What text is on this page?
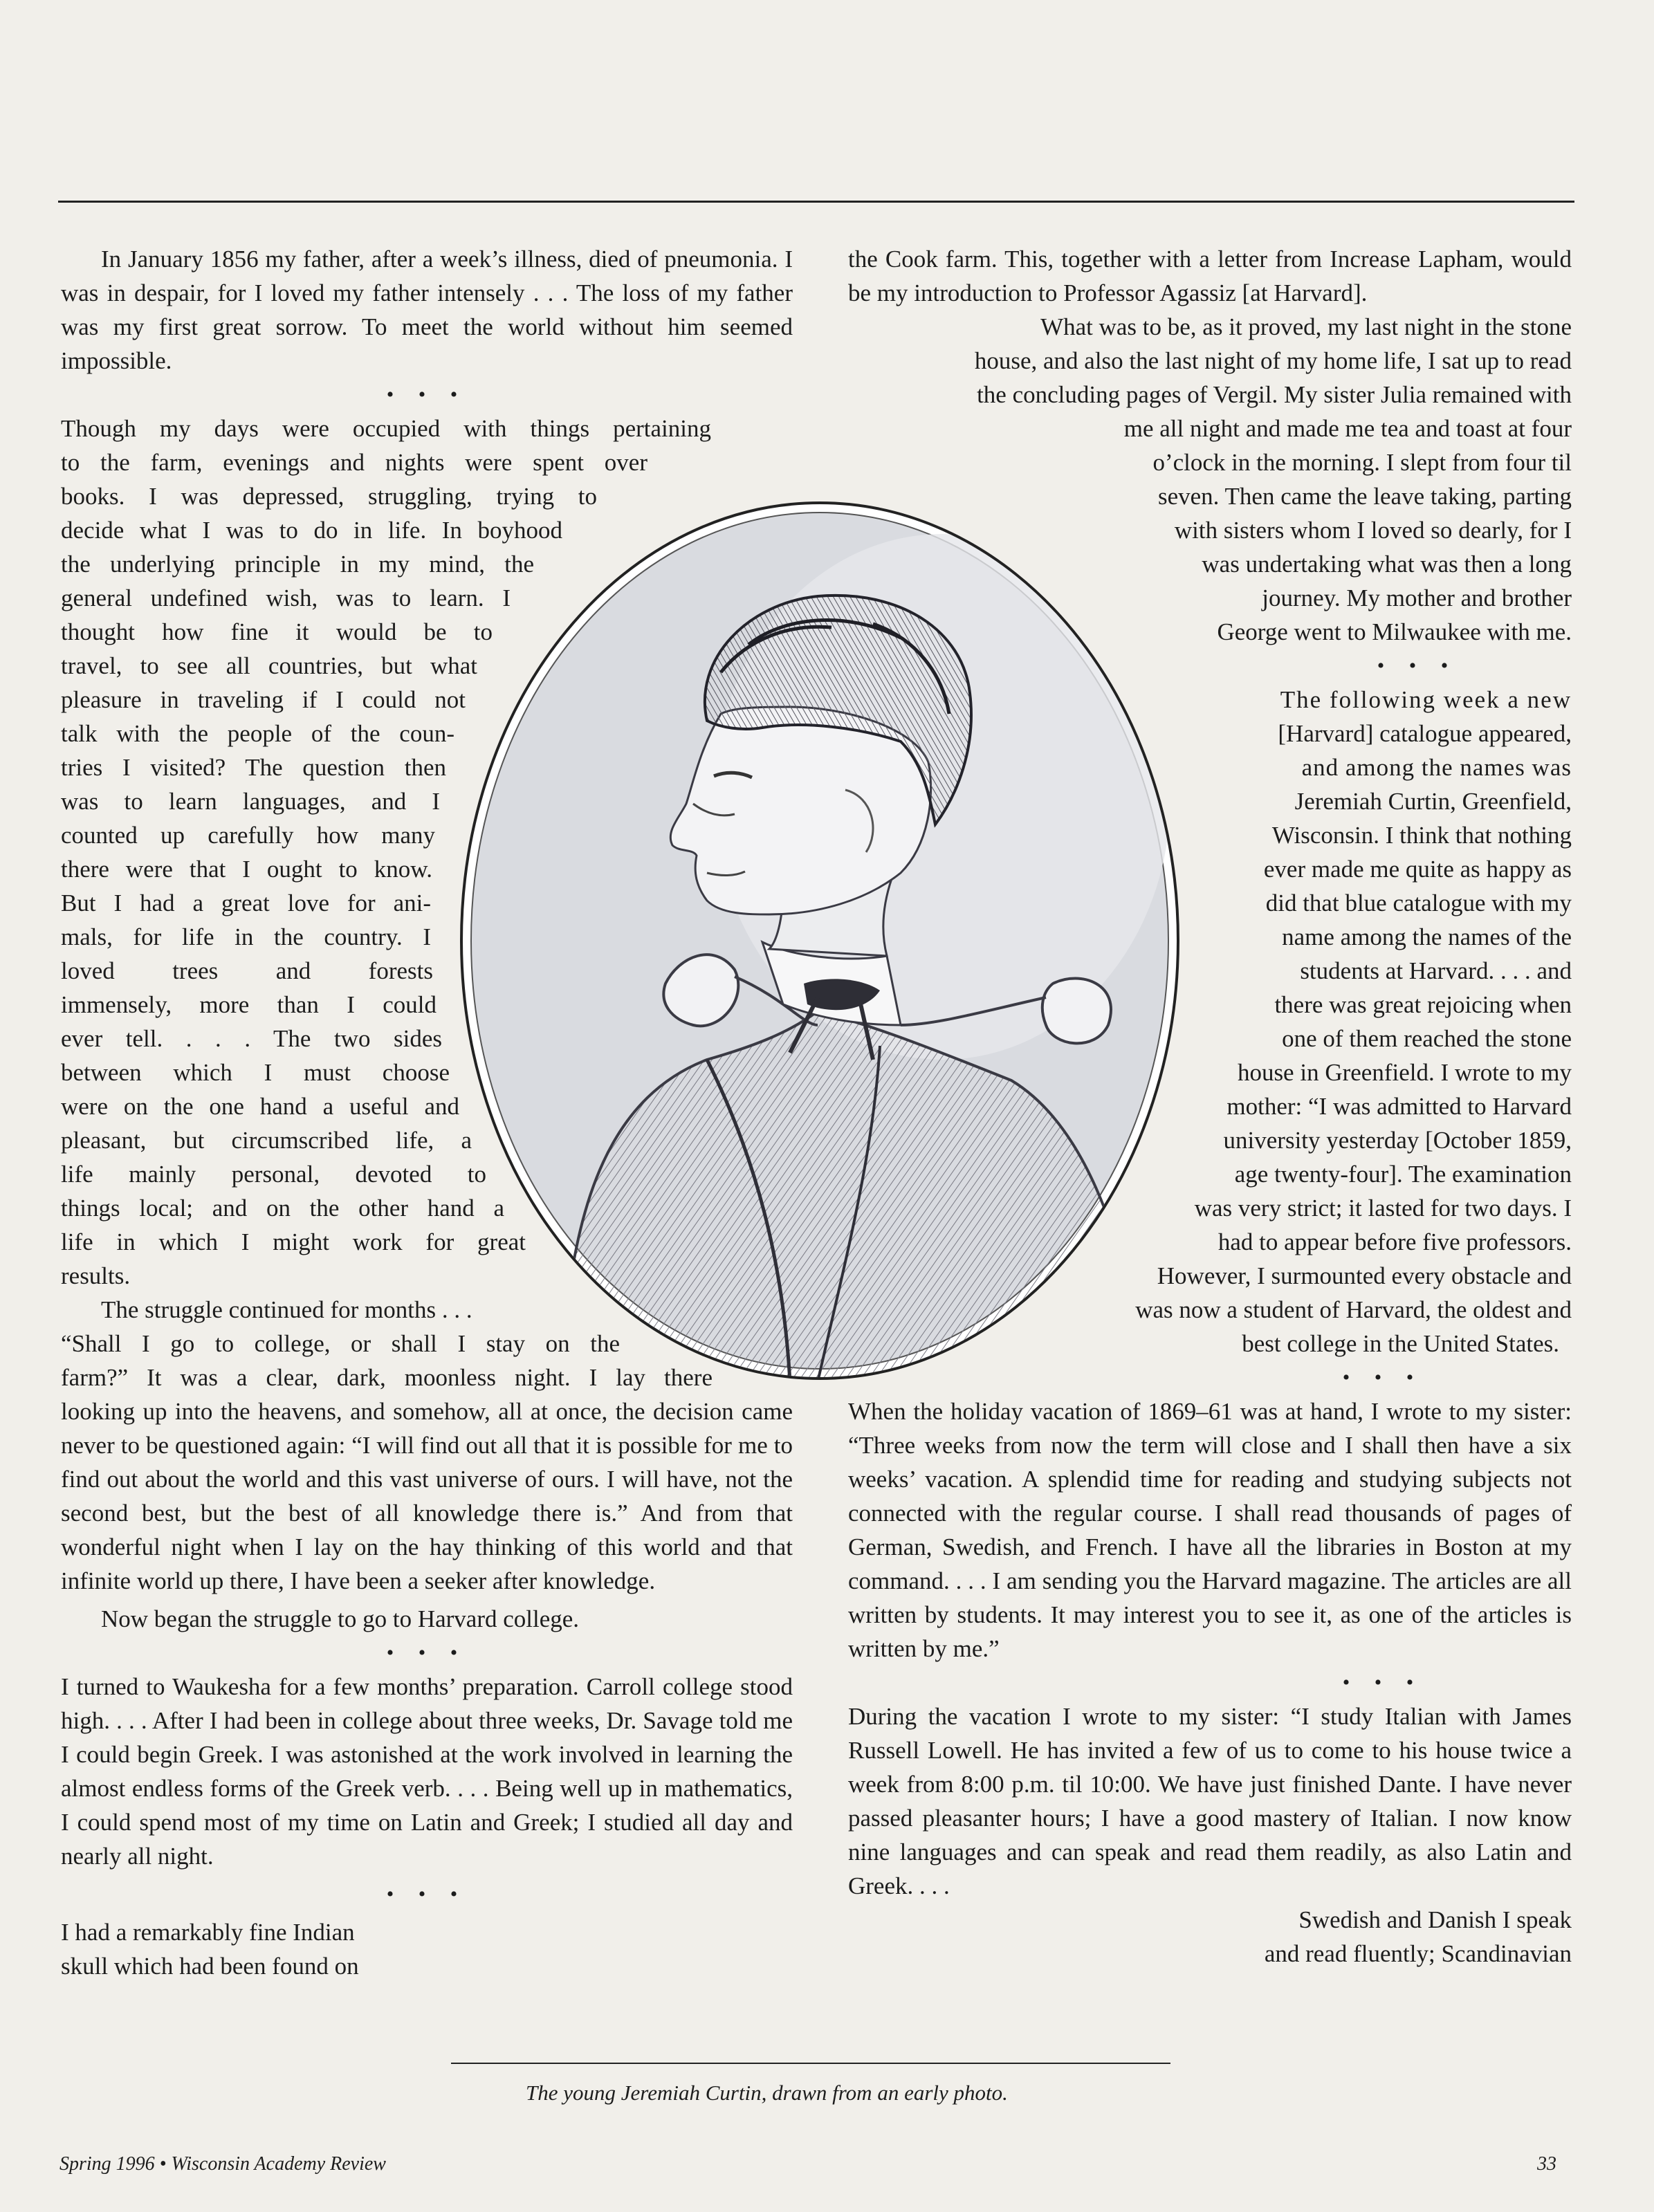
In January 1856 my father, after a week’s illness, died of pneumonia. I was in despair, for I loved my father intensely . . . The loss of my father was my first great sorrow. To meet the world without him seemed impossible.

• • •

Though my days were occupied with things pertaining
to the farm, evenings and nights were spent over
books. I was depressed, struggling, trying to
decide what I was to do in life. In boyhood
the underlying principle in my mind, the
general undefined wish, was to learn. I
thought how fine it would be to
travel, to see all countries, but what
pleasure in traveling if I could not
talk with the people of the coun-
tries I visited? The question then
was to learn languages, and I
counted up carefully how many
there were that I ought to know.
But I had a great love for ani-
mals, for life in the country. I
loved trees and forests
immensely, more than I could
ever tell. . . . The two sides
between which I must choose
were on the one hand a useful and
pleasant, but circumscribed life, a
life mainly personal, devoted to
things local; and on the other hand a
life in which I might work for great
results.
The struggle continued for months . . .
“Shall I go to college, or shall I stay on the
farm?” It was a clear, dark, moonless night. I lay there

looking up into the heavens, and somehow, all at once, the decision came never to be questioned again: “I will find out all that it is possible for me to find out about the world and this vast universe of ours. I will have, not the second best, but the best of all knowledge there is.” And from that wonderful night when I lay on the hay thinking of this world and that infinite world up there, I have been a seeker after knowledge.

Now began the struggle to go to Harvard college.

• • •

I turned to Waukesha for a few months’ preparation. Carroll college stood high. . . . After I had been in college about three weeks, Dr. Savage told me I could begin Greek. I was astonished at the work involved in learning the almost endless forms of the Greek verb. . . . Being well up in mathematics, I could spend most of my time on Latin and Greek; I studied all day and nearly all night.

• • •

I had a remarkably fine Indian
skull which had been found on

the Cook farm. This, together with a letter from Increase Lapham, would be my introduction to Professor Agassiz [at Harvard].

What was to be, as it proved, my last night in the stone
house, and also the last night of my home life, I sat up to read
the concluding pages of Vergil. My sister Julia remained with
me all night and made me tea and toast at four
o’clock in the morning. I slept from four til
seven. Then came the leave taking, parting
with sisters whom I loved so dearly, for I
was undertaking what was then a long
journey. My mother and brother
George went to Milwaukee with me.

• • •

The following week a new
[Harvard] catalogue appeared,
and among the names was
Jeremiah Curtin, Greenfield,
Wisconsin. I think that nothing
ever made me quite as happy as
did that blue catalogue with my
name among the names of the
students at Harvard. . . . and
there was great rejoicing when
one of them reached the stone
house in Greenfield. I wrote to my
mother: “I was admitted to Harvard
university yesterday [October 1859,
age twenty-four]. The examination
was very strict; it lasted for two days. I
had to appear before five professors.
However, I surmounted every obstacle and
was now a student of Harvard, the oldest and
best college in the United States.

• • •

When the holiday vacation of 1869–61 was at hand, I wrote to my sister: “Three weeks from now the term will close and I shall then have a six weeks’ vacation. A splendid time for reading and studying subjects not connected with the regular course. I shall read thousands of pages of German, Swedish, and French. I have all the libraries in Boston at my command. . . . I am sending you the Harvard magazine. The articles are all written by students. It may interest you to see it, as one of the articles is written by me.”

• • •

During the vacation I wrote to my sister: “I study Italian with James Russell Lowell. He has invited a few of us to come to his house twice a week from 8:00 p.m. til 10:00. We have just finished Dante. I have never passed pleasanter hours; I have a good mastery of Italian. I now know nine languages and can speak and read them readily, as also Latin and Greek. . . .

Swedish and Danish I speak
and read fluently; Scandinavian
The young Jeremiah Curtin, drawn from an early photo.
Spring 1996 • Wisconsin Academy Review	33
